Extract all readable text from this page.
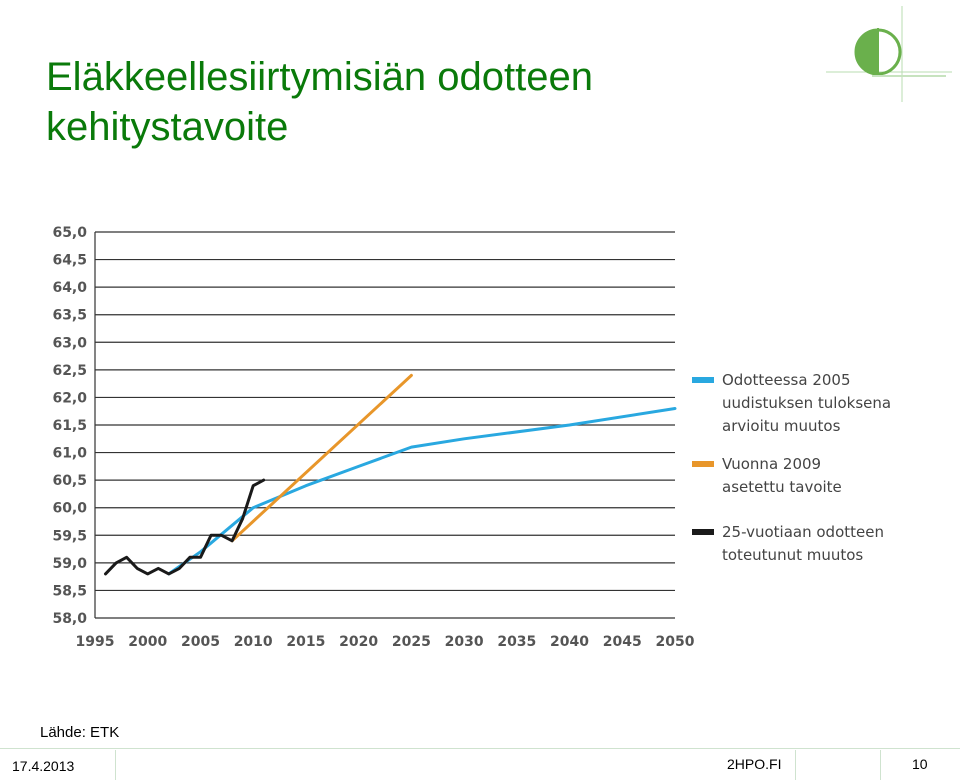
Eläkkeellesiirtymisiän odotteen
kehitystavoite
58,0
58,5
59,0
59,5
60,0
60,5
61,0
61,5
62,0
62,5
63,0
63,5
64,0
64,5
65,0
1995 2000 2005 2010 2015 2020 2025 2030 2035 2040 2045 2050
Odotteessa 2005
uudistuksen tuloksena
arvioitu muutos
Vuonna 2009
asetettu tavoite
25-vuotiaan odotteen
toteutunut muutos
Lähde: ETK
17.4.2013	2HPO.FI	10
